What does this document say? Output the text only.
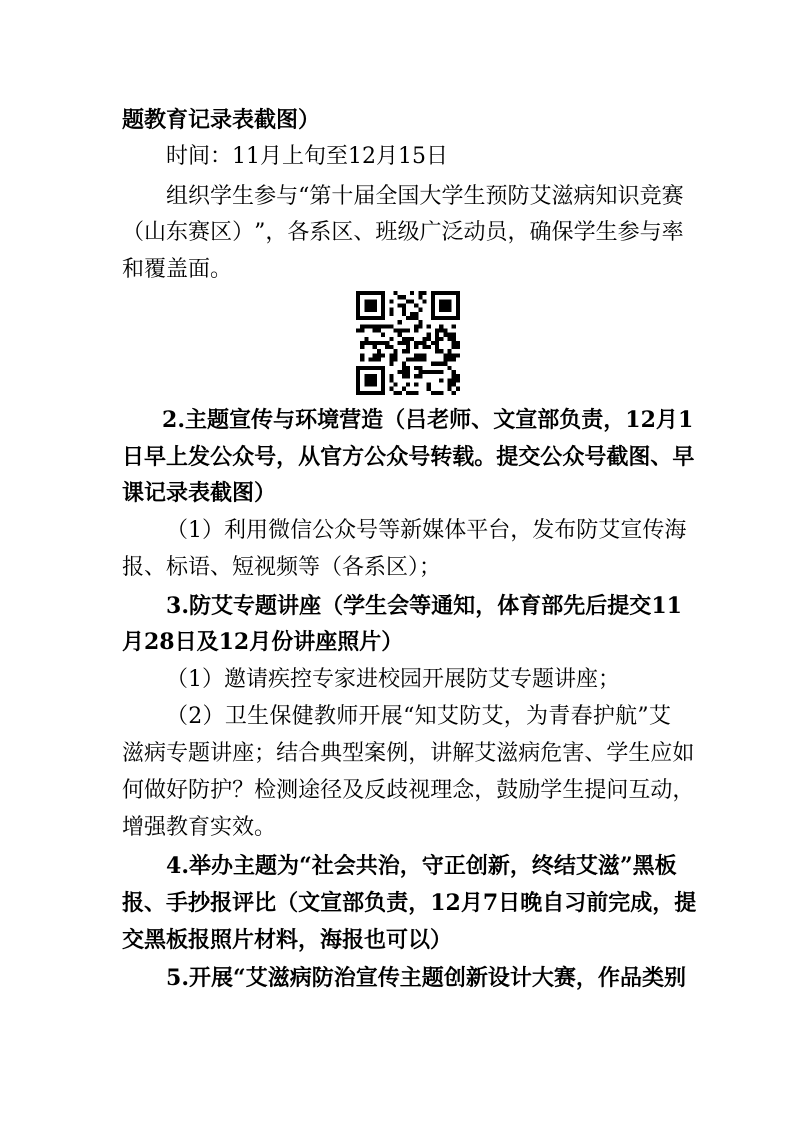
题教育记录表截图）
时间：11月上旬至12月15日
组 织 学 生 参 与 “ 第 十 届 全 国 大 学 生 预 防 艾 滋 病 知 识 竞 赛
（ 山 东 赛 区 ） ” ， 各 系 区 、 班 级 广 泛 动 员 ， 确 保 学 生 参 与 率
和覆盖面。
2 . 主 题 宣 传 与 环 境 营 造 （ 吕 老 师 、 文 宣 部 负 责 ， 12 月 1
日 早 上 发 公 众 号 ， 从 官 方 公 众 号 转 载 。 提 交 公 众 号 截 图 、 早
课记录表截图）
（ 1 ） 利 用 微 信 公 众 号 等 新 媒 体 平 台 ， 发 布 防 艾 宣 传 海
报、标语、短视频等（各系区）；
3 . 防 艾 专 题 讲 座 （ 学 生 会 等 通 知 ， 体 育 部 先 后 提 交 11
月28日及12月份讲座照片）
（1）邀请疾控专家进校园开展防艾专题讲座；
（ 2 ） 卫 生 保 健 教 师 开 展 “ 知 艾 防 艾 ， 为 青 春 护 航 ” 艾
滋 病 专 题 讲 座 ； 结 合 典 型 案 例 ， 讲 解 艾 滋 病 危 害 、 学 生 应 如
何 做 好 防 护 ？ 检 测 途 径 及 反 歧 视 理 念 ， 鼓 励 学 生 提 问 互 动 ，
增强教育实效。
4 . 举 办 主 题 为 “ 社 会 共 治 ， 守 正 创 新 ， 终 结 艾 滋 ” 黑 板
报 、 手 抄 报 评 比 （ 文 宣 部 负 责 ， 12 月 7 日 晚 自 习 前 完 成 ， 提
交黑板报照片材料，海报也可以）
5 . 开 展 “ 艾 滋 病 防 治 宣 传 主 题 创 新 设 计 大 赛 ， 作 品 类 别
